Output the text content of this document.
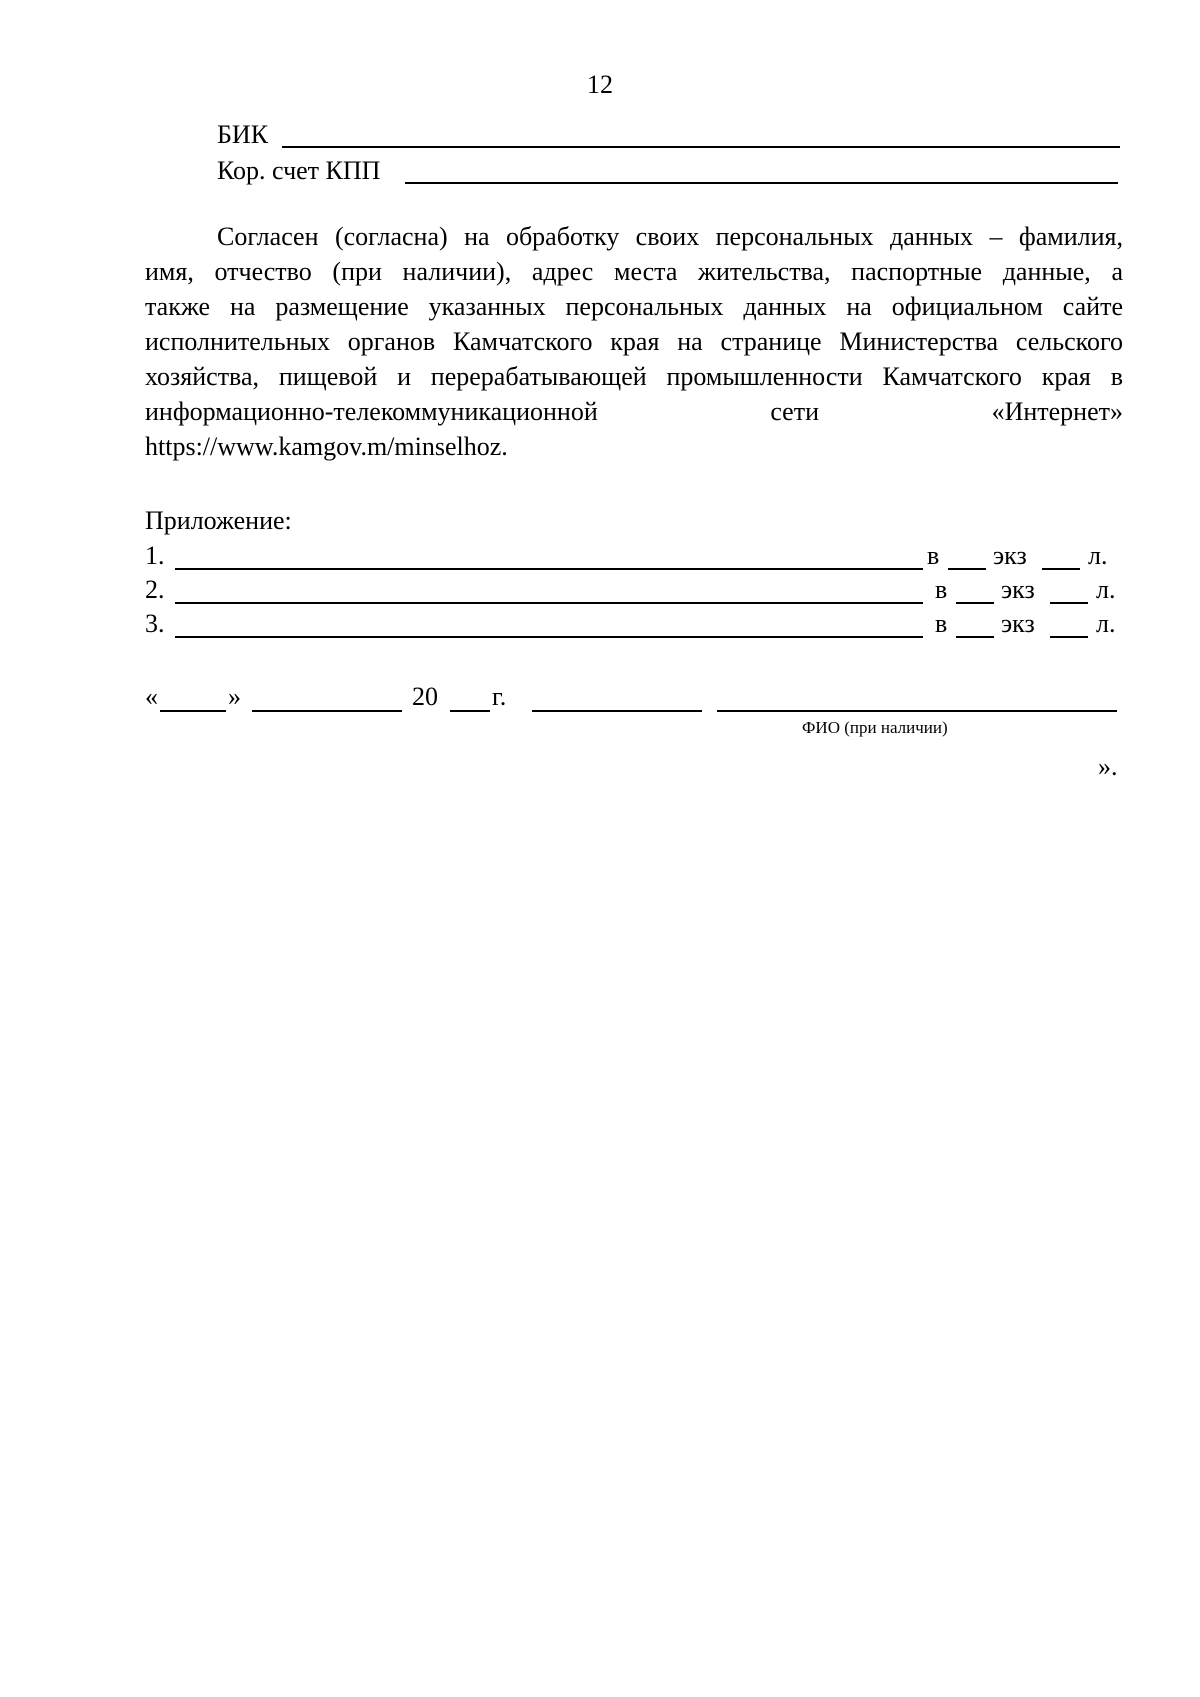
12
БИК
Кор. счет КПП
Согласен (согласна) на обработку своих персональных данных – фамилия,
имя, отчество (при наличии), адрес места жительства, паспортные данные, а
также на размещение указанных персональных данных на официальном сайте
исполнительных органов Камчатского края на странице Министерства сельского
хозяйства, пищевой и перерабатывающей промышленности Камчатского края в
информационно-телекоммуникационной сети «Интернет»
https://www.kamgov.m/minselhoz.
Приложение:
1.	в экз л.
2.	в экз л.
3.	в экз л.
«	»	20 г.
ФИО (при наличии)
».
